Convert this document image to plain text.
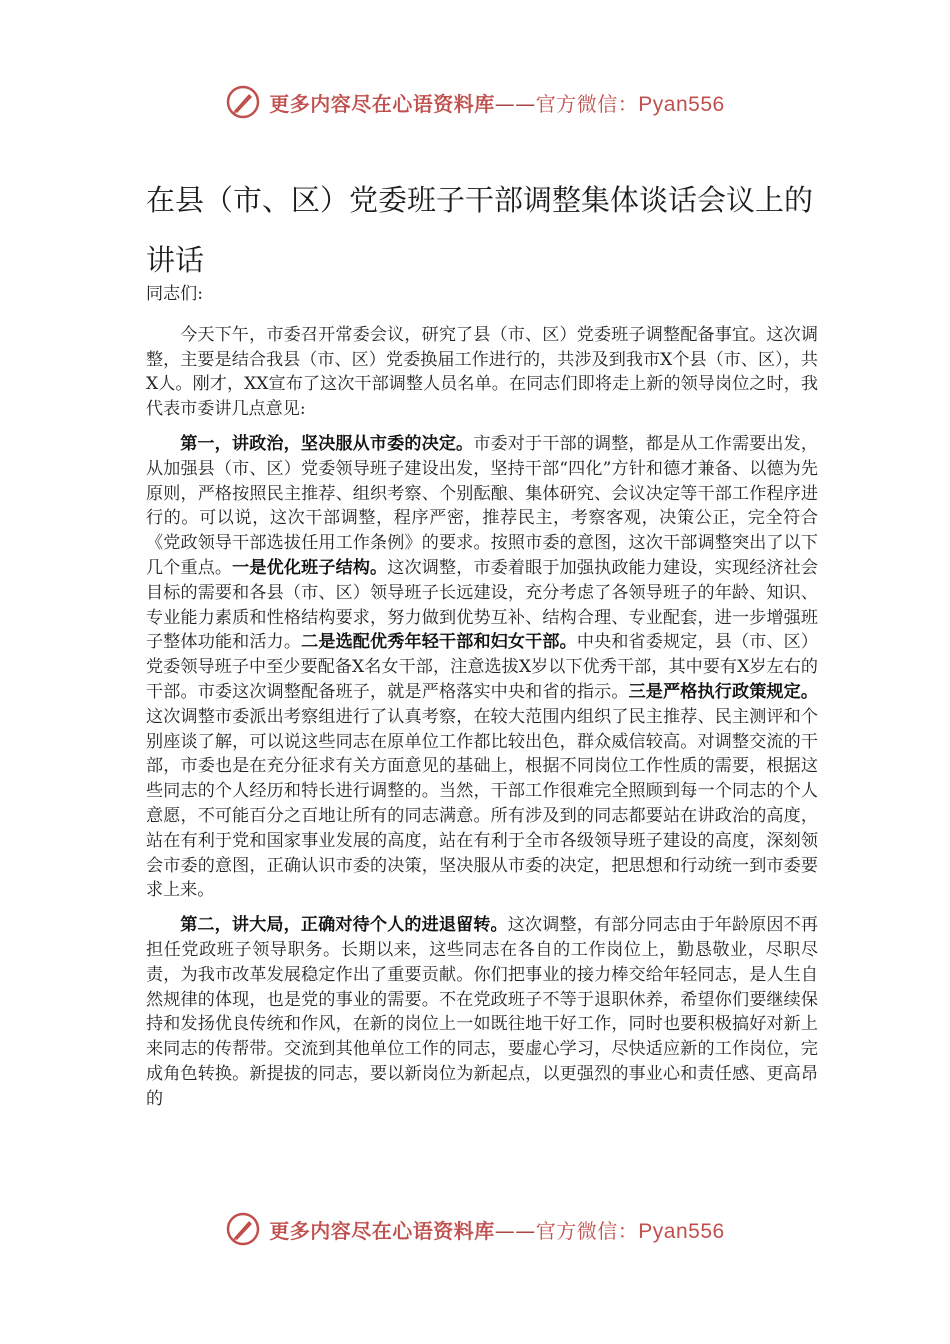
更多内容尽在心语资料库——官方微信：Pyan556
在县（市、区）党委班子干部调整集体谈话会议上的讲话

同志们:

今天下午，市委召开常委会议，研究了县（市、区）党委班子调整配备事宜。这次调整，主要是结合我县（市、区）党委换届工作进行的，共涉及到我市X个县（市、区），共X人。刚才，XX宣布了这次干部调整人员名单。在同志们即将走上新的领导岗位之时，我代表市委讲几点意见:

第一，讲政治，坚决服从市委的决定。市委对于干部的调整，都是从工作需要出发，从加强县（市、区）党委领导班子建设出发，坚持干部“四化”方针和德才兼备、以德为先原则，严格按照民主推荐、组织考察、个别酝酿、集体研究、会议决定等干部工作程序进行的。可以说，这次干部调整，程序严密，推荐民主，考察客观，决策公正，完全符合《党政领导干部选拔任用工作条例》的要求。按照市委的意图，这次干部调整突出了以下几个重点。一是优化班子结构。这次调整，市委着眼于加强执政能力建设，实现经济社会目标的需要和各县（市、区）领导班子长远建设，充分考虑了各领导班子的年龄、知识、专业能力素质和性格结构要求，努力做到优势互补、结构合理、专业配套，进一步增强班子整体功能和活力。二是选配优秀年轻干部和妇女干部。中央和省委规定，县（市、区）党委领导班子中至少要配备X名女干部，注意选拔X岁以下优秀干部，其中要有X岁左右的干部。市委这次调整配备班子，就是严格落实中央和省的指示。三是严格执行政策规定。这次调整市委派出考察组进行了认真考察，在较大范围内组织了民主推荐、民主测评和个别座谈了解，可以说这些同志在原单位工作都比较出色，群众威信较高。对调整交流的干部，市委也是在充分征求有关方面意见的基础上，根据不同岗位工作性质的需要，根据这些同志的个人经历和特长进行调整的。当然，干部工作很难完全照顾到每一个同志的个人意愿，不可能百分之百地让所有的同志满意。所有涉及到的同志都要站在讲政治的高度，站在有利于党和国家事业发展的高度，站在有利于全市各级领导班子建设的高度，深刻领会市委的意图，正确认识市委的决策，坚决服从市委的决定，把思想和行动统一到市委要求上来。

第二，讲大局，正确对待个人的进退留转。这次调整，有部分同志由于年龄原因不再担任党政班子领导职务。长期以来，这些同志在各自的工作岗位上，勤恳敬业，尽职尽责，为我市改革发展稳定作出了重要贡献。你们把事业的接力棒交给年轻同志，是人生自然规律的体现，也是党的事业的需要。不在党政班子不等于退职休养，希望你们要继续保持和发扬优良传统和作风，在新的岗位上一如既往地干好工作，同时也要积极搞好对新上来同志的传帮带。交流到其他单位工作的同志，要虚心学习，尽快适应新的工作岗位，完成角色转换。新提拔的同志，要以新岗位为新起点，以更强烈的事业心和责任感、更高昂的

更多内容尽在心语资料库——官方微信：Pyan556
